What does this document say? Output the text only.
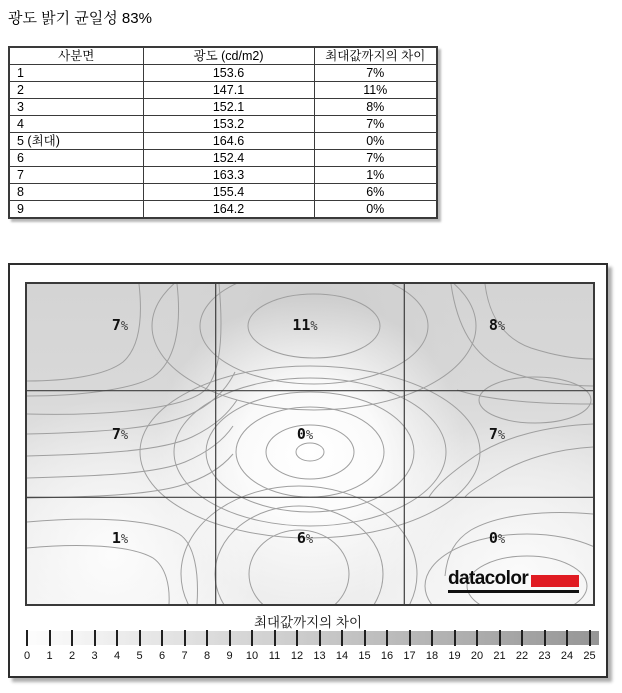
광도 밝기 균일성 83%
사분면	광도 (cd/m2)	최대값까지의 차이
1	153.6	7%
2	147.1	11%
3	152.1	8%
4	153.2	7%
5 (최대)	164.6	0%
6	152.4	7%
7	163.3	1%
8	155.4	6%
9	164.2	0%
7%	11%	8%
7%	0%	7%
1%	6%	0%
datacolor
최대값까지의 차이
0 1 2 3 4 5 6 7 8 9 10 11 12 13 14 15 16 17 18 19 20 21 22 23 24 25
